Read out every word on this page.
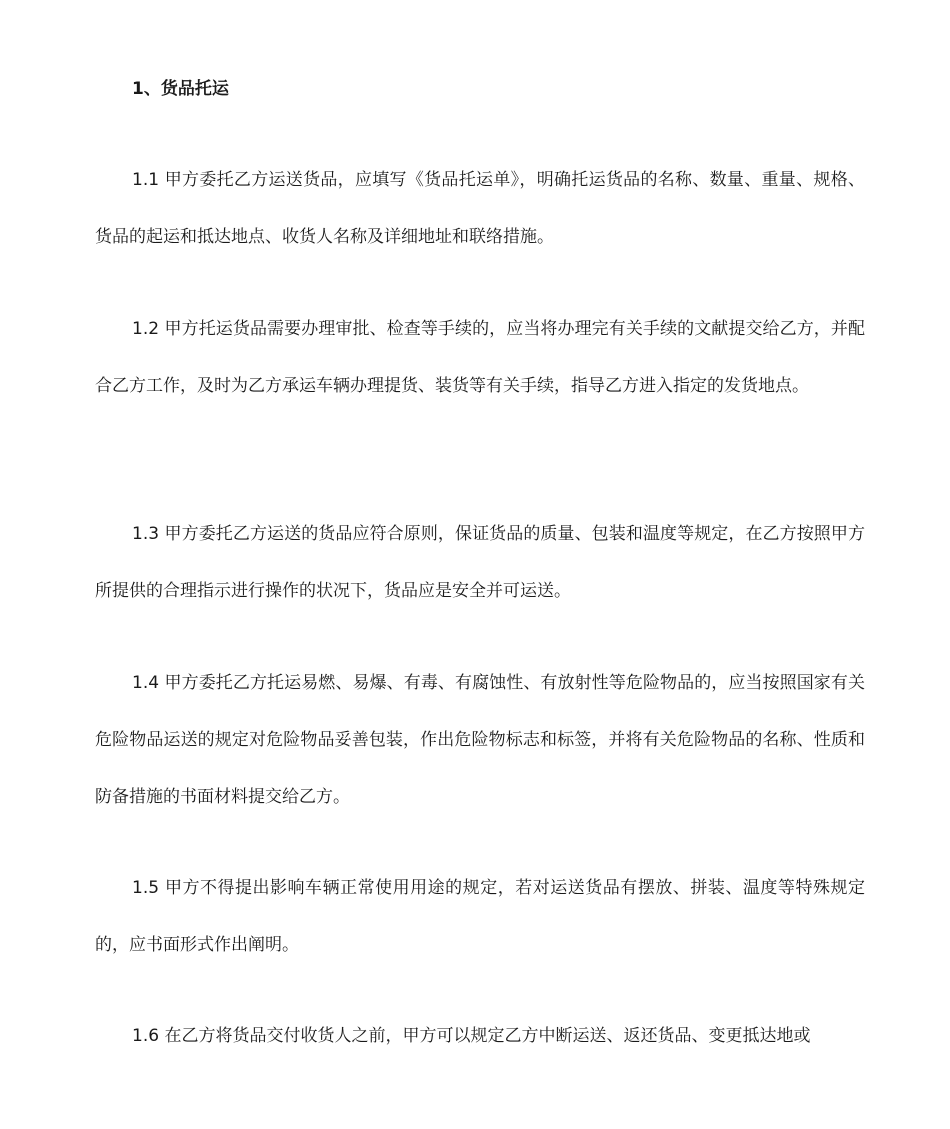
1、货品托运

1.1 甲方委托乙方运送货品，应填写《货品托运单》，明确托运货品的名称、数量、重量、规格、货品的起运和抵达地点、收货人名称及详细地址和联络措施。

1.2 甲方托运货品需要办理审批、检查等手续的，应当将办理完有关手续的文献提交给乙方，并配合乙方工作，及时为乙方承运车辆办理提货、装货等有关手续，指导乙方进入指定的发货地点。

1.3 甲方委托乙方运送的货品应符合原则，保证货品的质量、包装和温度等规定，在乙方按照甲方所提供的合理指示进行操作的状况下，货品应是安全并可运送。

1.4 甲方委托乙方托运易燃、易爆、有毒、有腐蚀性、有放射性等危险物品的，应当按照国家有关危险物品运送的规定对危险物品妥善包装，作出危险物标志和标签，并将有关危险物品的名称、性质和防备措施的书面材料提交给乙方。

1.5 甲方不得提出影响车辆正常使用用途的规定，若对运送货品有摆放、拼装、温度等特殊规定的，应书面形式作出阐明。

1.6 在乙方将货品交付收货人之前，甲方可以规定乙方中断运送、返还货品、变更抵达地或
